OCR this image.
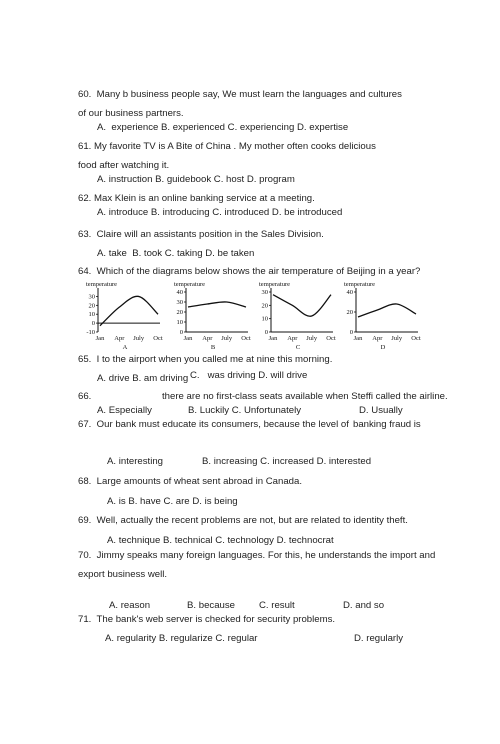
60.  Many b business people say, We must learn the languages and cultures
of our business partners.
A.  experience B. experienced C. experiencing D. expertise
61. My favorite TV is A Bite of China . My mother often cooks delicious
food after watching it.
A. instruction B. guidebook C. host D. program
62. Max Klein is an online banking service at a meeting.
A. introduce B. introducing C. introduced D. be introduced
63.  Claire will an assistants position in the Sales Division.
A. take  B. took C. taking D. be taken
64.  Which of the diagrams below shows the air temperature of Beijing in a year?
temperature
-10
0
10
20
30
Jan Apr July Oct
A
temperature
0
10
20
30
40
Jan Apr July Oct
B
temperature
0
10
20
30
Jan Apr July Oct
C
temperature
0
20
40
Jan Apr July Oct
D
65.  I to the airport when you called me at nine this morning.
A. drive B. am driving C.   was driving D. will drive
66.	there are no first-class seats available when Steffi called the airline.
A. Especially	B. Luckily C. Unfortunately	D. Usually
67.  Our bank must educate its consumers, because the level of banking fraud is
A. interesting	B. increasing C. increased D. interested
68.  Large amounts of wheat sent abroad in Canada.
A. is B. have C. are D. is being
69.  Well, actually the recent problems are not, but are related to identity theft.
A. technique B. technical C. technology D. technocrat
70.  Jimmy speaks many foreign languages. For this, he understands the import and
export business well.
A. reason	B. because C. result	D. and so
71.  The bank's web server is checked for security problems.
A. regularity B. regularize C. regular	D. regularly
